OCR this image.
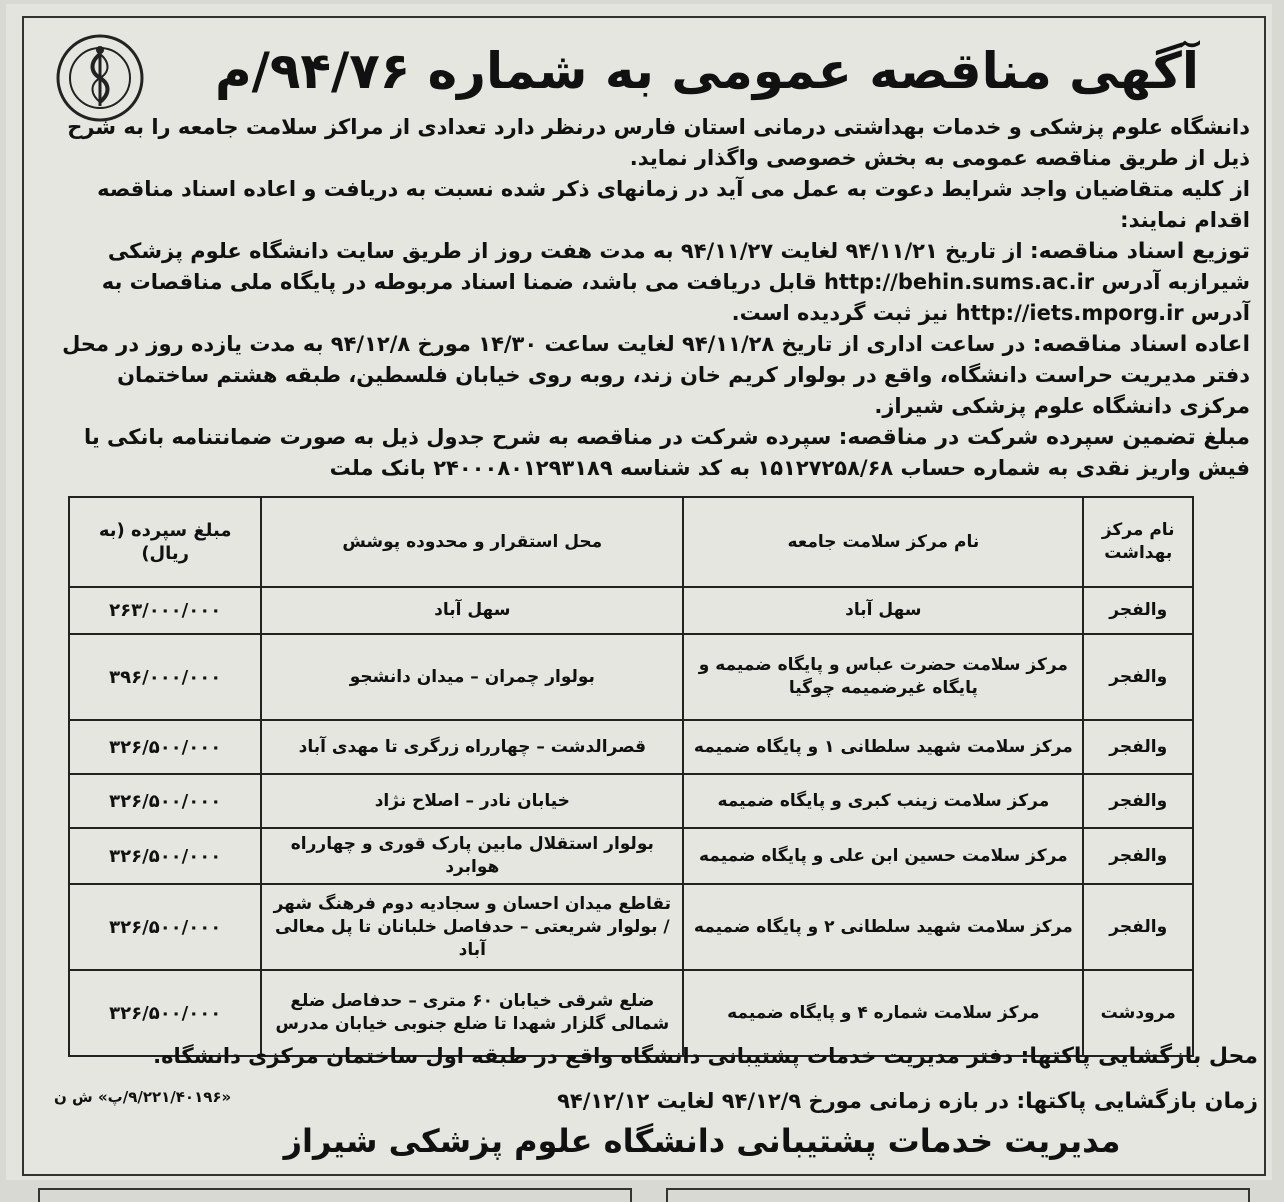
آگهی مناقصه عمومی به شماره ۹۴/۷۶/م

دانشگاه علوم پزشکی و خدمات بهداشتی درمانی استان فارس درنظر دارد تعدادی از مراکز سلامت جامعه را به شرح ذیل از طریق مناقصه عمومی به بخش خصوصی واگذار نماید.

از کلیه متقاضیان واجد شرایط دعوت به عمل می آید در زمانهای ذکر شده نسبت به دریافت و اعاده اسناد مناقصه اقدام نمایند:

توزیع اسناد مناقصه: از تاریخ ۹۴/۱۱/۲۱ لغایت ۹۴/۱۱/۲۷ به مدت هفت روز از طریق سایت دانشگاه علوم پزشکی شیرازبه آدرس http://behin.sums.ac.ir قابل دریافت می باشد، ضمنا اسناد مربوطه در پایگاه ملی مناقصات به آدرس http://iets.mporg.ir نیز ثبت گردیده است.

اعاده اسناد مناقصه: در ساعت اداری از تاریخ ۹۴/۱۱/۲۸ لغایت ساعت ۱۴/۳۰ مورخ ۹۴/۱۲/۸ به مدت یازده روز در محل دفتر مدیریت حراست دانشگاه، واقع در بولوار کریم خان زند، روبه روی خیابان فلسطین، طبقه هشتم ساختمان مرکزی دانشگاه علوم پزشکی شیراز.

مبلغ تضمین سپرده شرکت در مناقصه: سپرده شرکت در مناقصه به شرح جدول ذیل به صورت ضمانتنامه بانکی یا فیش واریز نقدی به شماره حساب ۱۵۱۲۷۲۵۸/۶۸ به کد شناسه ۲۴۰۰۰۸۰۱۲۹۳۱۸۹ بانک ملت

نام مرکز بهداشت	نام مرکز سلامت جامعه	محل استقرار و محدوده پوشش	مبلغ سپرده (به ریال)
والفجر	سهل آباد	سهل آباد	۲۶۳/۰۰۰/۰۰۰
والفجر	مرکز سلامت حضرت عباس و پایگاه ضمیمه و پایگاه غیرضمیمه چوگیا	بولوار چمران – میدان دانشجو	۳۹۶/۰۰۰/۰۰۰
والفجر	مرکز سلامت شهید سلطانی ۱ و پایگاه ضمیمه	قصرالدشت – چهارراه زرگری تا مهدی آباد	۳۲۶/۵۰۰/۰۰۰
والفجر	مرکز سلامت زینب کبری و پایگاه ضمیمه	خیابان نادر – اصلاح نژاد	۳۲۶/۵۰۰/۰۰۰
والفجر	مرکز سلامت حسین ابن علی و پایگاه ضمیمه	بولوار استقلال مابین پارک قوری و چهارراه هوابرد	۳۲۶/۵۰۰/۰۰۰
والفجر	مرکز سلامت شهید سلطانی ۲ و پایگاه ضمیمه	تقاطع میدان احسان و سجادیه دوم فرهنگ شهر / بولوار شریعتی – حدفاصل خلبانان تا پل معالی آباد	۳۲۶/۵۰۰/۰۰۰
مرودشت	مرکز سلامت شماره ۴ و پایگاه ضمیمه	ضلع شرقی خیابان ۶۰ متری – حدفاصل ضلع شمالی گلزار شهدا تا ضلع جنوبی خیابان مدرس	۳۲۶/۵۰۰/۰۰۰
محل بازگشایی پاکتها: دفتر مدیریت خدمات پشتیبانی دانشگاه واقع در طبقه اول ساختمان مرکزی دانشگاه.
زمان بازگشایی پاکتها: در بازه زمانی مورخ ۹۴/۱۲/۹ لغایت ۹۴/۱۲/۱۲
«۹/۲۲۱/۴۰۱۹۶/پ» ش ن
مدیریت خدمات پشتیبانی دانشگاه علوم پزشکی شیراز
